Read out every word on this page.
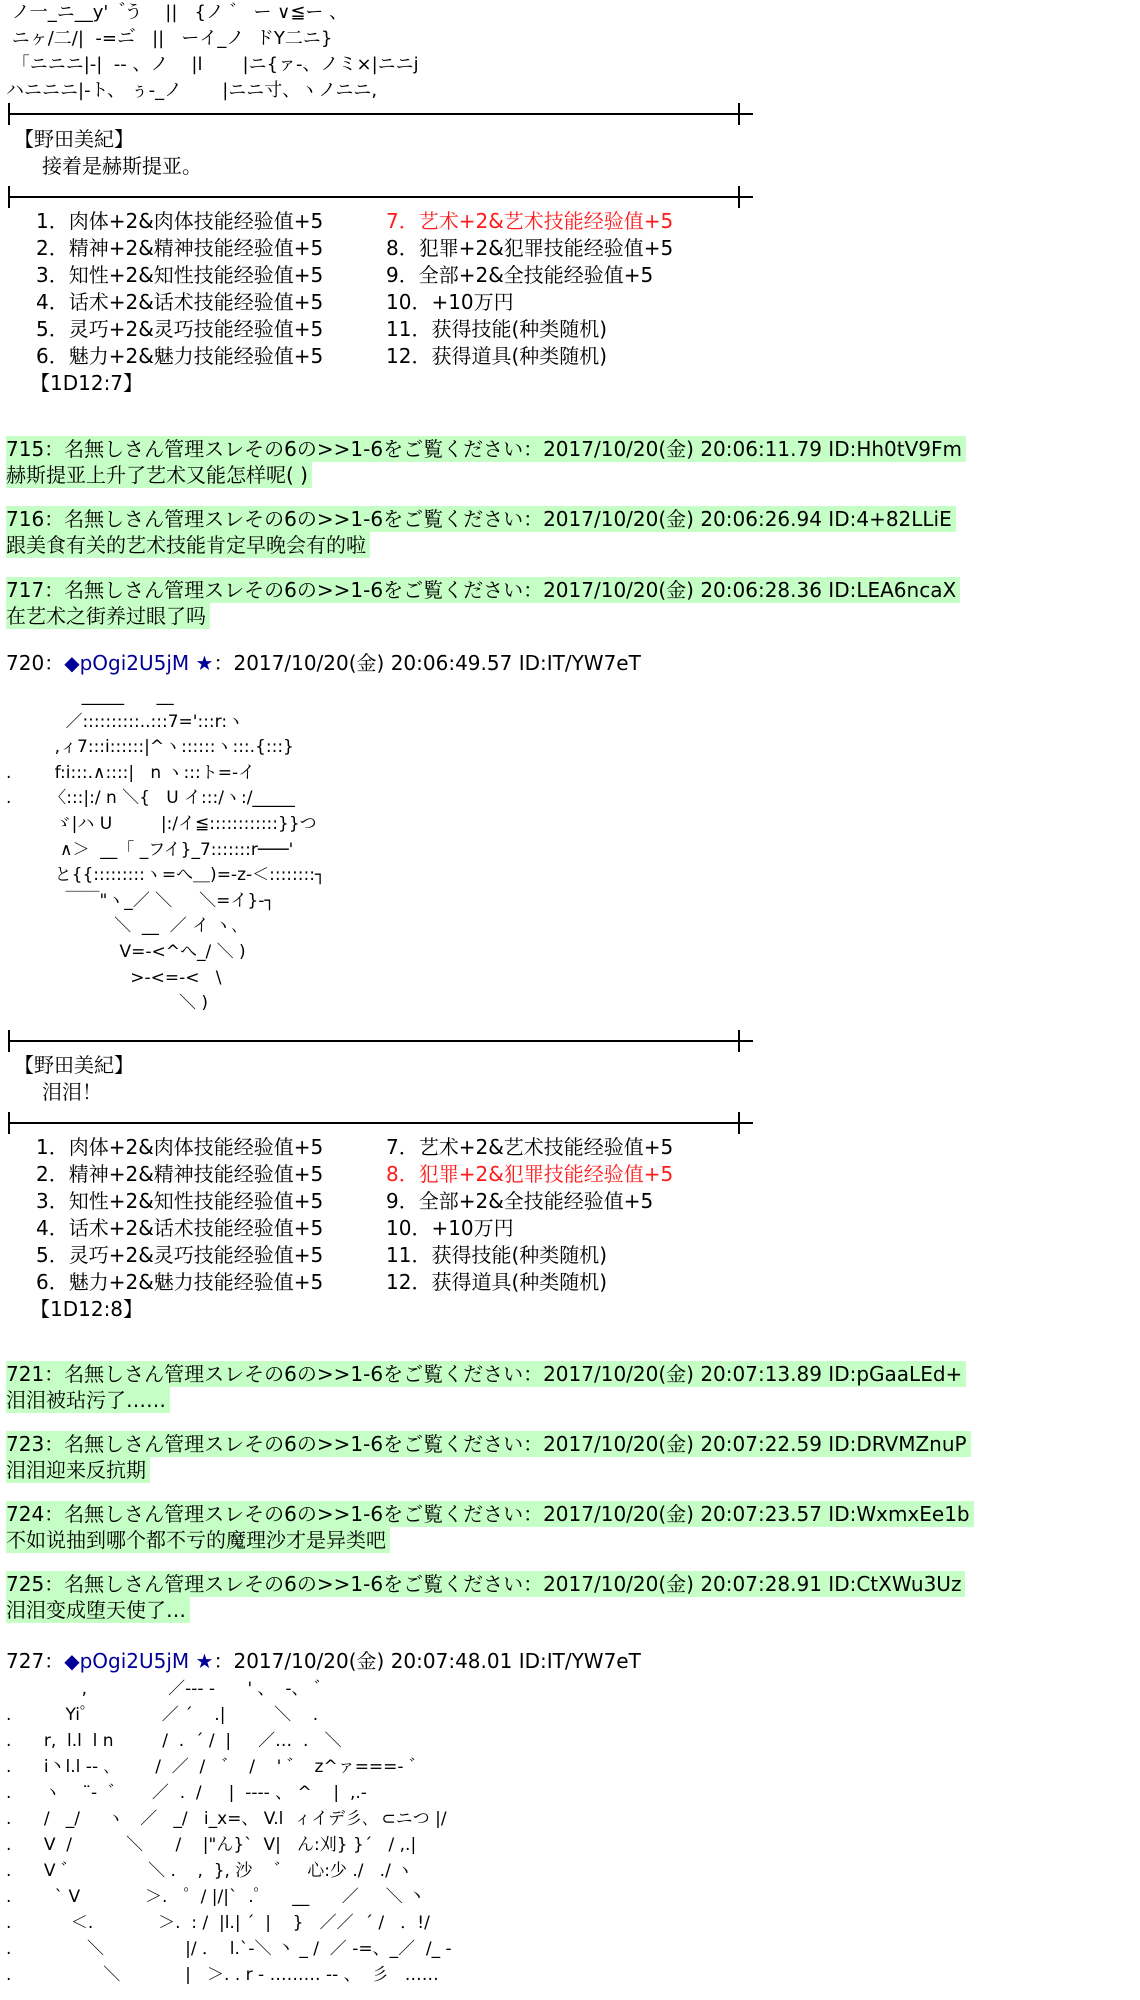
ノ一_ニ__y'   ゙う    ||   {ノ ゛ ー ∨≦ー 、
ニヶ/二/|  -=ニ゙   ||   ーイ_ノ  ドY二ニ}
「ニニニ|-|  -- 、ノ    |l       |ニ{ァ-、ノミ×|ニニj
ハニニニ|-ト、 ぅ-_ノ       |ニニ寸、ヽノニニ,
【野田美紀】
接着是赫斯提亚。
1．肉体+2&肉体技能经验值+5	7．艺术+2&艺术技能经验值+5
2．精神+2&精神技能经验值+5	8．犯罪+2&犯罪技能经验值+5
3．知性+2&知性技能经验值+5	9．全部+2&全技能经验值+5
4．话术+2&话术技能经验值+5	10．+10万円
5．灵巧+2&灵巧技能经验值+5	11．获得技能(种类随机)
6．魅力+2&魅力技能经验值+5	12．获得道具(种类随机)
【1D12:7】
715：名無しさん管理スレその6の>>1-6をご覧ください：2017/10/20(金) 20:06:11.79 ID:Hh0tV9Fm
赫斯提亚上升了艺术又能怎样呢( )
716：名無しさん管理スレその6の>>1-6をご覧ください：2017/10/20(金) 20:06:26.94 ID:4+82LLiE
跟美食有关的艺术技能肯定早晚会有的啦
717：名無しさん管理スレその6の>>1-6をご覧ください：2017/10/20(金) 20:06:28.36 ID:LEA6ncaX
在艺术之街养过眼了吗
720：◆pOgi2U5jM ★：2017/10/20(金) 20:06:49.57 ID:IT/YW7eT
_____      __
／::::::::::..:::7=':::r:ヽ
,ィ7:::i::::::|^ヽ::::::ヽ:::.{:::}
.        f:i:::.∧::::|   n ヽ:::ト=-イ
.       〈:::|:/ n ＼{   U イ:::/ヽ:/_____
ゞ|ハ U         |:/イ≦::::::::::::}}つ
∧＞  __「 _フイ}_7:::::::r───'
と{{:::::::::ヽ=へ＿)=-z-＜::::::::┐
￣￣"ヽ_／ ＼     ＼=イ}-┐
＼  __  ／ イ ヽ､
V=-<^へ_/ ＼ )
>-<=-<   \
＼ )
【野田美紀】
泪泪！
1．肉体+2&肉体技能经验值+5	7．艺术+2&艺术技能经验值+5
2．精神+2&精神技能经验值+5	8．犯罪+2&犯罪技能经验值+5
3．知性+2&知性技能经验值+5	9．全部+2&全技能经验值+5
4．话术+2&话术技能经验值+5	10．+10万円
5．灵巧+2&灵巧技能经验值+5	11．获得技能(种类随机)
6．魅力+2&魅力技能经验值+5	12．获得道具(种类随机)
【1D12:8】
721：名無しさん管理スレその6の>>1-6をご覧ください：2017/10/20(金) 20:07:13.89 ID:pGaaLEd+
泪泪被玷污了……
723：名無しさん管理スレその6の>>1-6をご覧ください：2017/10/20(金) 20:07:22.59 ID:DRVMZnuP
泪泪迎来反抗期
724：名無しさん管理スレその6の>>1-6をご覧ください：2017/10/20(金) 20:07:23.57 ID:WxmxEe1b
不如说抽到哪个都不亏的魔理沙才是异类吧
725：名無しさん管理スレその6の>>1-6をご覧ください：2017/10/20(金) 20:07:28.91 ID:CtXWu3Uz
泪泪变成堕天使了…
727：◆pOgi2U5jM ★：2017/10/20(金) 20:07:48.01 ID:IT/YW7eT
,               ／--- -      ' 、  -、 ゛
.          Yi゜            ／ ´    .|         ＼    .
.      r,  l.l  l n         /  .  ´ /  |     ／…  .   ＼
.      i丶l.l -- ､        /  ／  /   ゛  /    ' ゛  z^ァ===- ゛
.      ヽ    ¨-  ゛     ／  .  /     |  ---- 、 ^    |  ,.-
.      /   _/     ヽ   ／   _/   i_x=、 V.l  ィイデ彡､  ⊂ニつ |/
.      V  /          ＼      /    |"ん}`  V|   ん:刈} }´   / ,.|
.      V ゛             ＼ .    ,  }, 沙    ゛   心:少 ./   ./ ヽ
.        ` V            ＞.   ゜/ |/|`  .゜    __      ／     ＼ 丶
.           ＜.            ＞.  : /  |l.| ´  |    }   ／／  ´ /   ．!/
.              ＼               |/ ．  l.`-＼ 丶 _ /  ／ -=、_／  /_ -
.                 ＼            |   ＞. . r - ……… -- 、  彡   ……
